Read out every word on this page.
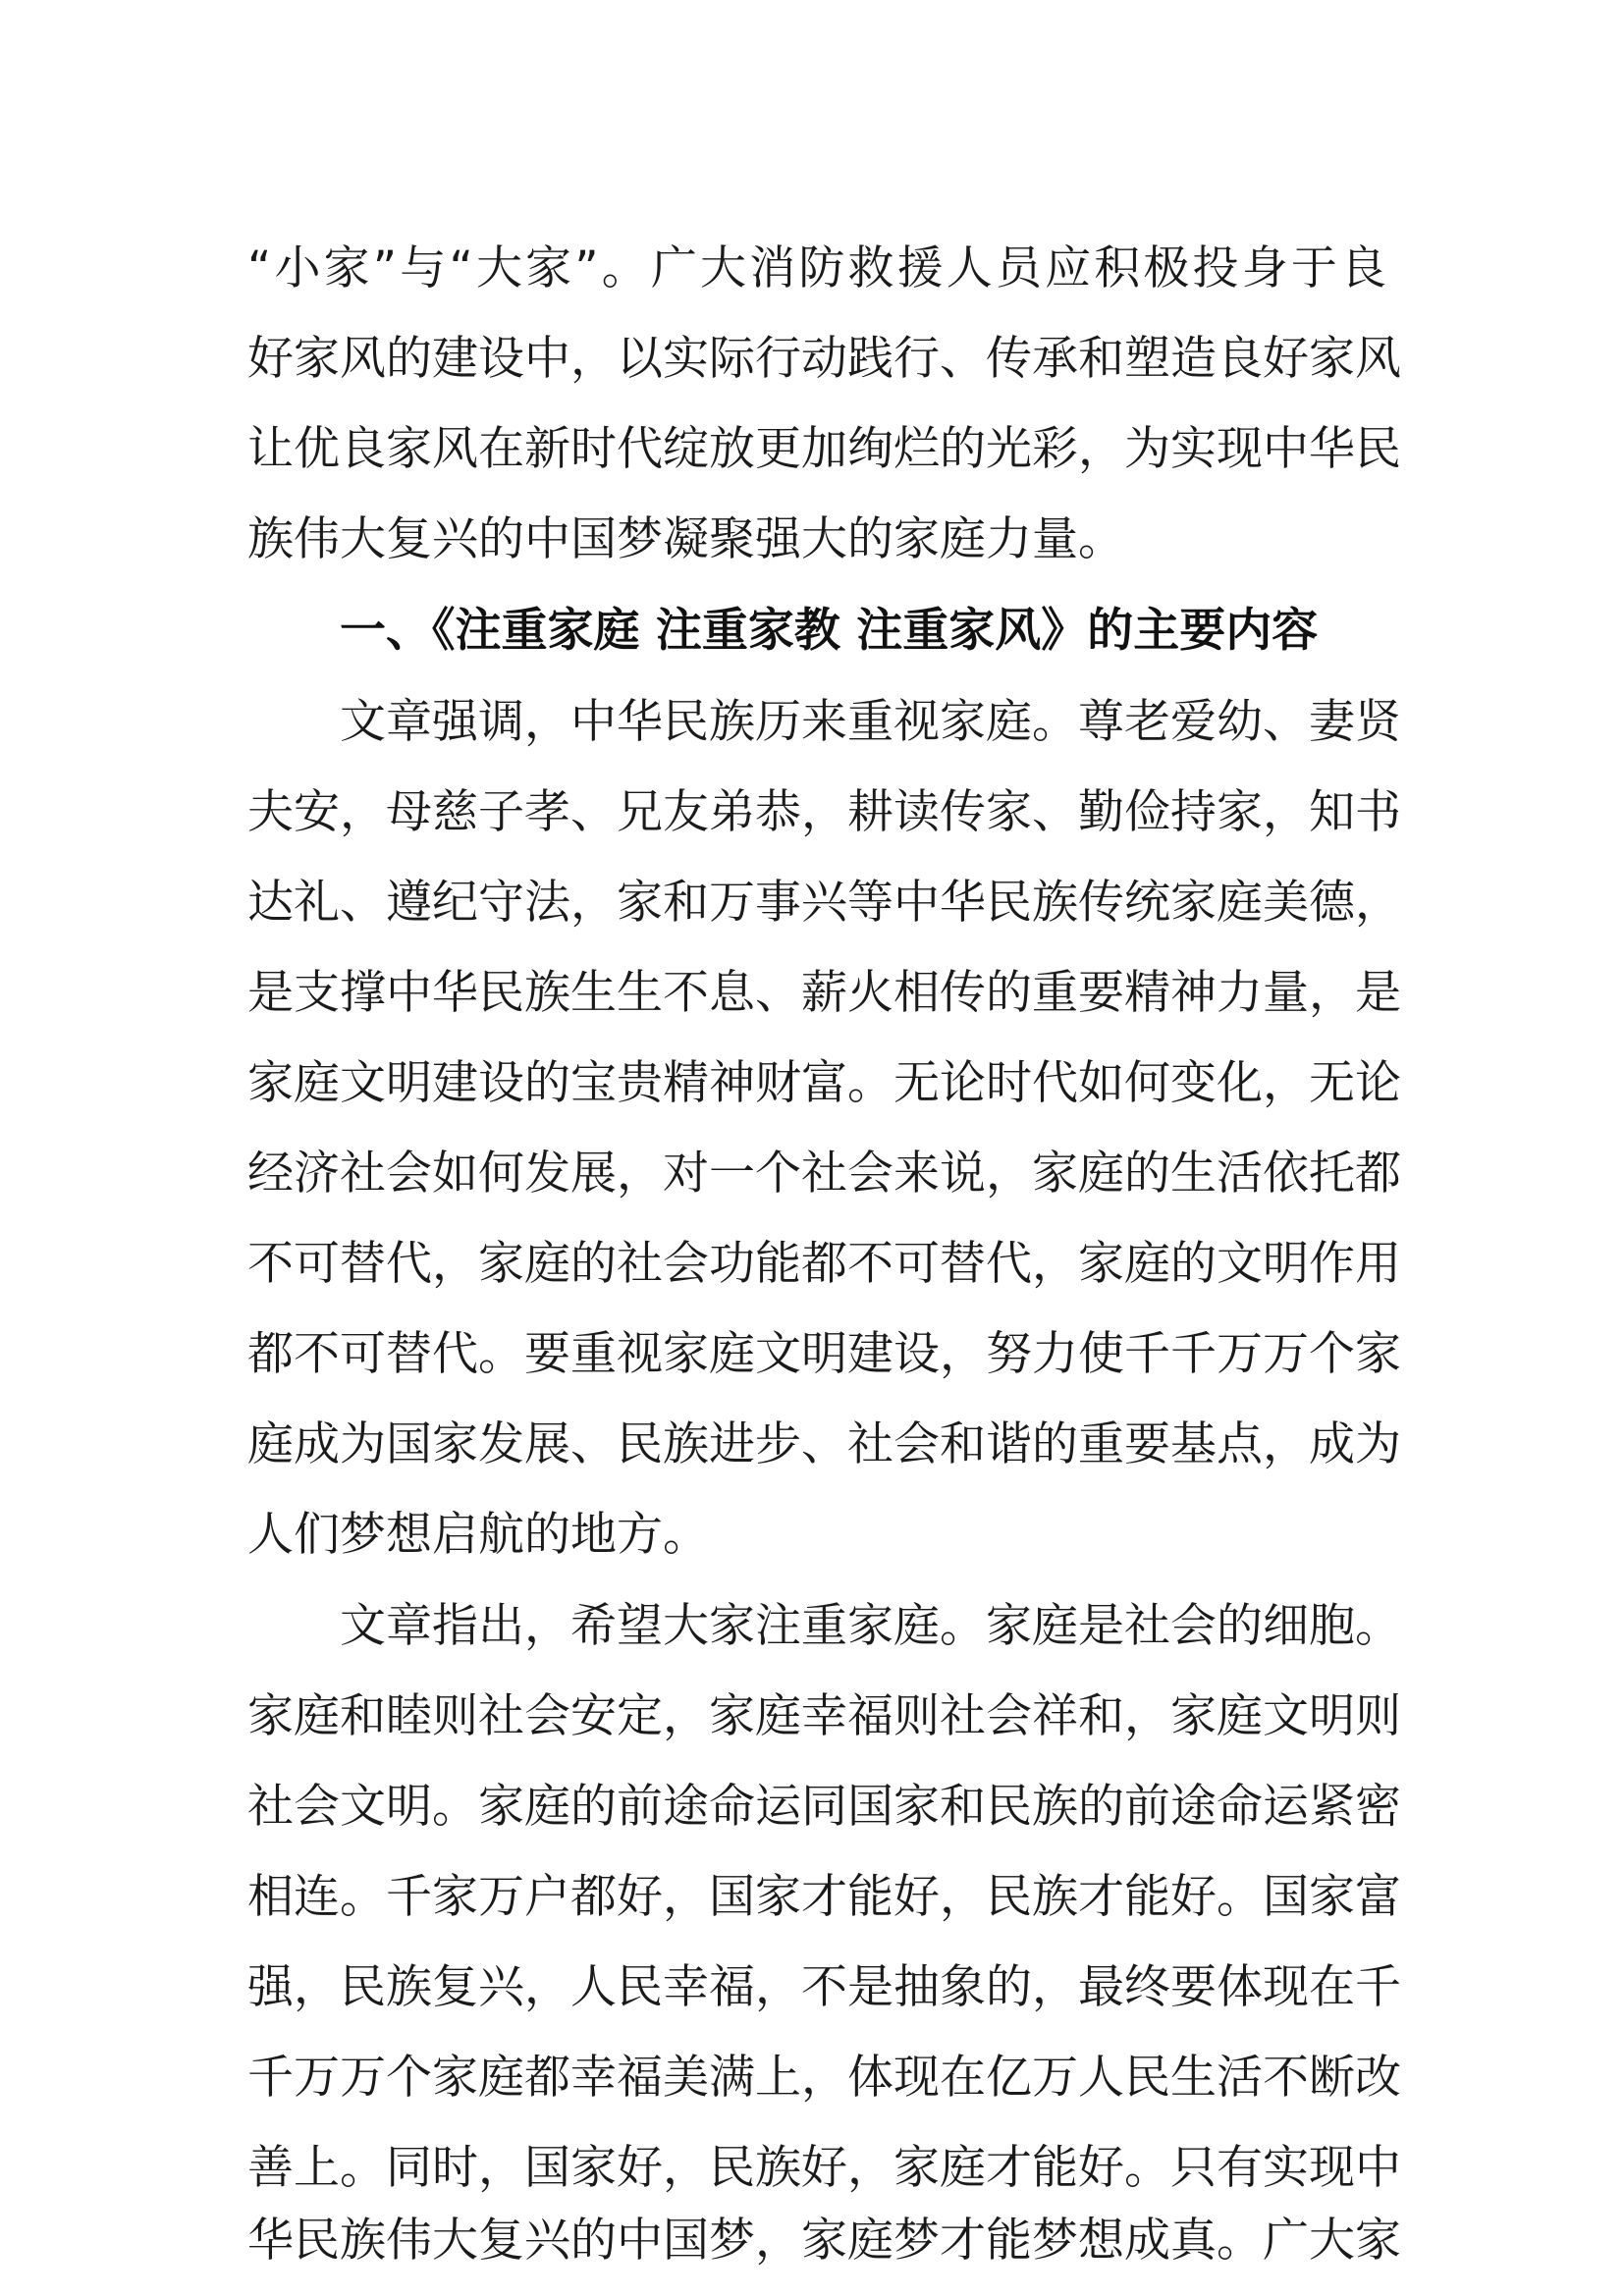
“小家”与“大家”。广大消防救援人员应积极投身于良
好家风的建设中，以实际行动践行、传承和塑造良好家风
让优良家风在新时代绽放更加绚烂的光彩，为实现中华民
族伟大复兴的中国梦凝聚强大的家庭力量。
一、《注重家庭 注重家教 注重家风》的主要内容
文章强调，中华民族历来重视家庭。尊老爱幼、妻贤
夫安，母慈子孝、兄友弟恭，耕读传家、勤俭持家，知书
达礼、遵纪守法，家和万事兴等中华民族传统家庭美德，
是支撑中华民族生生不息、薪火相传的重要精神力量，是
家庭文明建设的宝贵精神财富。无论时代如何变化，无论
经济社会如何发展，对一个社会来说，家庭的生活依托都
不可替代，家庭的社会功能都不可替代，家庭的文明作用
都不可替代。要重视家庭文明建设，努力使千千万万个家
庭成为国家发展、民族进步、社会和谐的重要基点，成为
人们梦想启航的地方。
文章指出，希望大家注重家庭。家庭是社会的细胞。
家庭和睦则社会安定，家庭幸福则社会祥和，家庭文明则
社会文明。家庭的前途命运同国家和民族的前途命运紧密
相连。千家万户都好，国家才能好，民族才能好。国家富
强，民族复兴，人民幸福，不是抽象的，最终要体现在千
千万万个家庭都幸福美满上，体现在亿万人民生活不断改
善上。同时，国家好，民族好，家庭才能好。只有实现中
华民族伟大复兴的中国梦，家庭梦才能梦想成真。广大家
